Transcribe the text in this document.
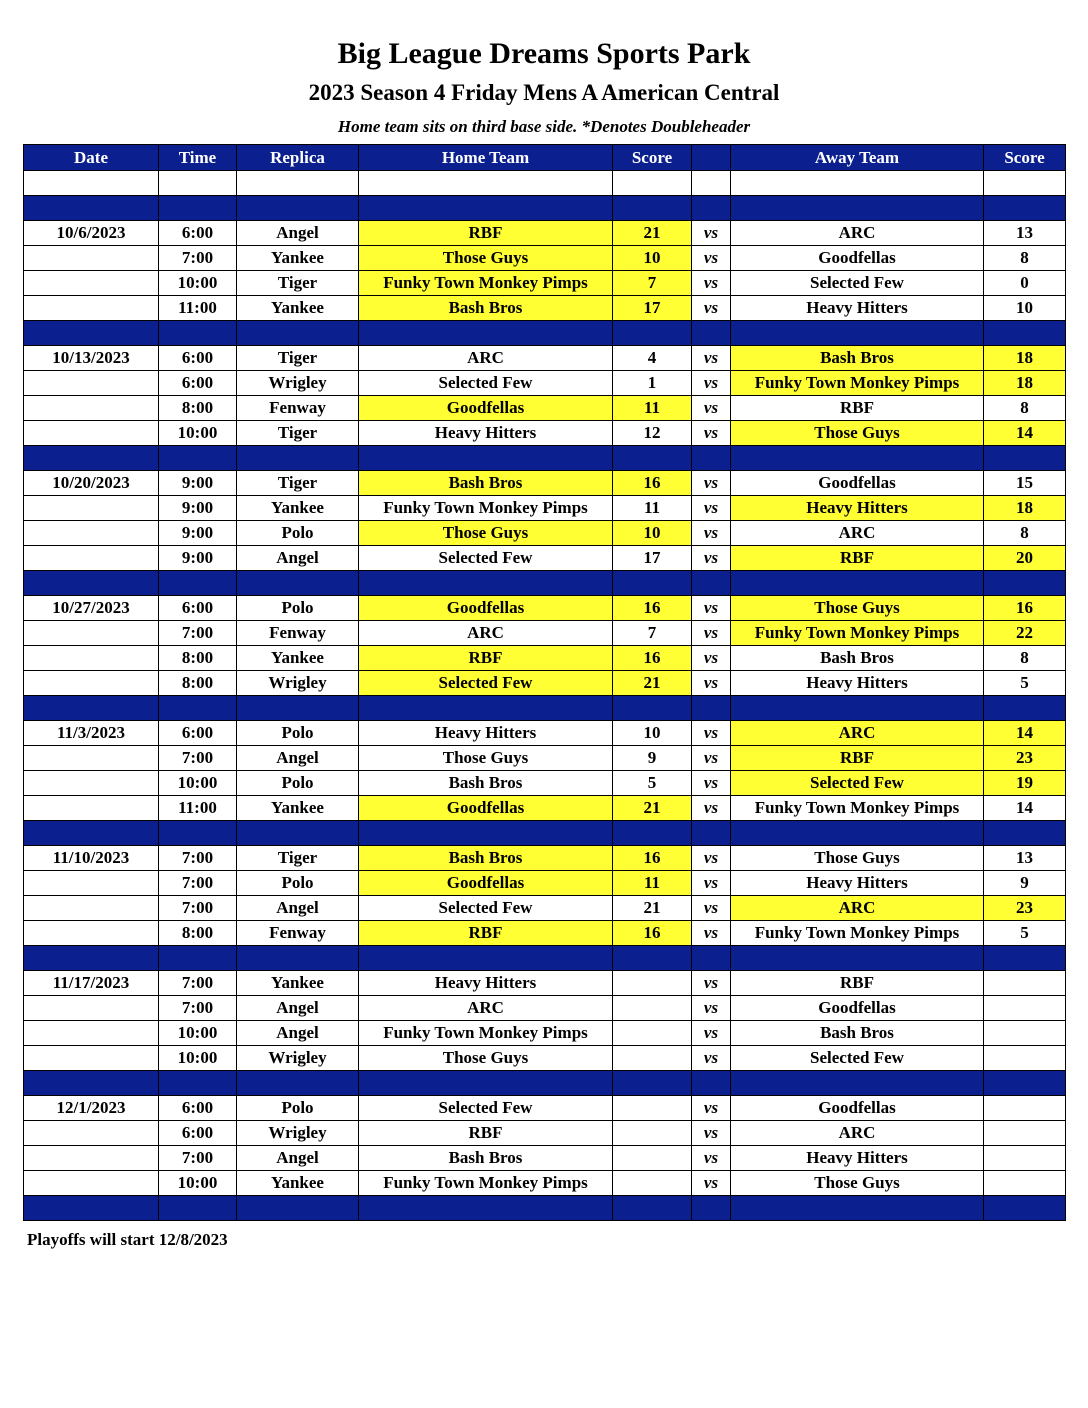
Big League Dreams Sports Park
2023 Season 4 Friday Mens A American Central
Home team sits on third base side. *Denotes Doubleheader
Date	Time	Replica	Home Team	Score		Away Team	Score

10/6/2023	6:00	Angel	RBF	21	vs	ARC	13
	7:00	Yankee	Those Guys	10	vs	Goodfellas	8
	10:00	Tiger	Funky Town Monkey Pimps	7	vs	Selected Few	0
	11:00	Yankee	Bash Bros	17	vs	Heavy Hitters	10

10/13/2023	6:00	Tiger	ARC	4	vs	Bash Bros	18
	6:00	Wrigley	Selected Few	1	vs	Funky Town Monkey Pimps	18
	8:00	Fenway	Goodfellas	11	vs	RBF	8
	10:00	Tiger	Heavy Hitters	12	vs	Those Guys	14

10/20/2023	9:00	Tiger	Bash Bros	16	vs	Goodfellas	15
	9:00	Yankee	Funky Town Monkey Pimps	11	vs	Heavy Hitters	18
	9:00	Polo	Those Guys	10	vs	ARC	8
	9:00	Angel	Selected Few	17	vs	RBF	20

10/27/2023	6:00	Polo	Goodfellas	16	vs	Those Guys	16
	7:00	Fenway	ARC	7	vs	Funky Town Monkey Pimps	22
	8:00	Yankee	RBF	16	vs	Bash Bros	8
	8:00	Wrigley	Selected Few	21	vs	Heavy Hitters	5

11/3/2023	6:00	Polo	Heavy Hitters	10	vs	ARC	14
	7:00	Angel	Those Guys	9	vs	RBF	23
	10:00	Polo	Bash Bros	5	vs	Selected Few	19
	11:00	Yankee	Goodfellas	21	vs	Funky Town Monkey Pimps	14

11/10/2023	7:00	Tiger	Bash Bros	16	vs	Those Guys	13
	7:00	Polo	Goodfellas	11	vs	Heavy Hitters	9
	7:00	Angel	Selected Few	21	vs	ARC	23
	8:00	Fenway	RBF	16	vs	Funky Town Monkey Pimps	5

11/17/2023	7:00	Yankee	Heavy Hitters		vs	RBF	
	7:00	Angel	ARC		vs	Goodfellas	
	10:00	Angel	Funky Town Monkey Pimps		vs	Bash Bros	
	10:00	Wrigley	Those Guys		vs	Selected Few	

12/1/2023	6:00	Polo	Selected Few		vs	Goodfellas	
	6:00	Wrigley	RBF		vs	ARC	
	7:00	Angel	Bash Bros		vs	Heavy Hitters	
	10:00	Yankee	Funky Town Monkey Pimps		vs	Those Guys	

Playoffs will start 12/8/2023
